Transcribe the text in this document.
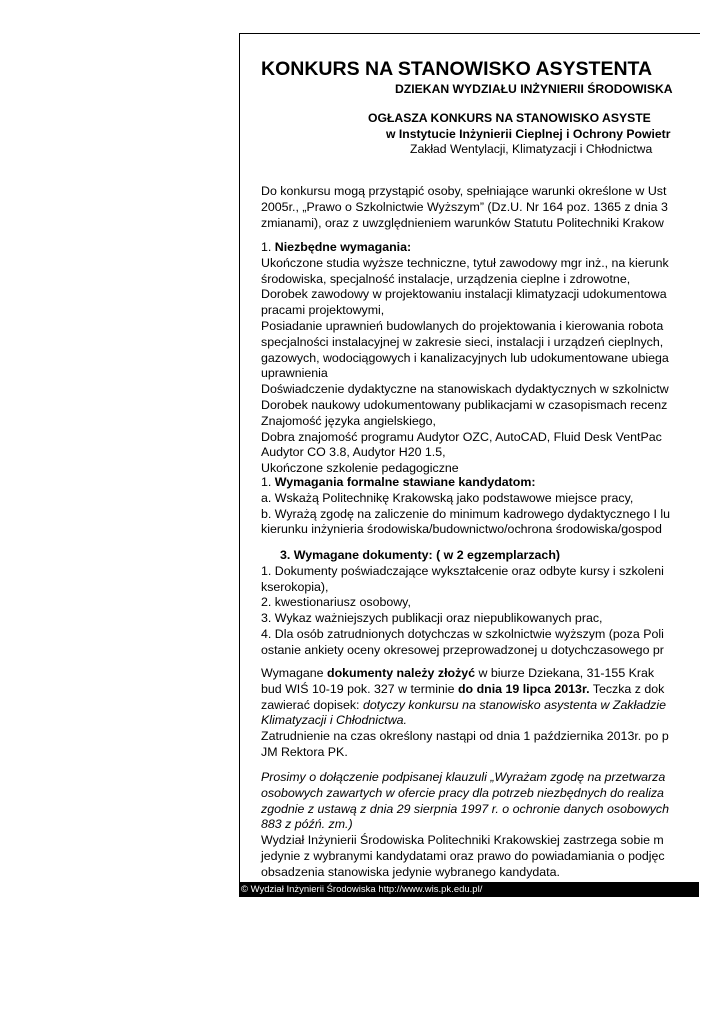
KONKURS NA STANOWISKO ASYSTENTA
DZIEKAN WYDZIAŁU INŻYNIERII ŚRODOWISKA
OGŁASZA KONKURS NA STANOWISKO ASYSTE
w Instytucie Inżynierii Cieplnej i Ochrony Powietr
Zakład Wentylacji, Klimatyzacji i Chłodnictwa
Do konkursu mogą przystąpić osoby, spełniające warunki określone w Ust
2005r., „Prawo o Szkolnictwie Wyższym” (Dz.U. Nr 164 poz. 1365 z dnia 3
zmianami), oraz z uwzględnieniem warunków Statutu Politechniki Krakow
1. Niezbędne wymagania:
Ukończone studia wyższe techniczne, tytuł zawodowy mgr inż., na kierunk
środowiska, specjalność instalacje, urządzenia cieplne i zdrowotne,
Dorobek zawodowy w projektowaniu instalacji klimatyzacji udokumentowa
pracami projektowymi,
Posiadanie uprawnień budowlanych do projektowania i kierowania robota
specjalności instalacyjnej w zakresie sieci, instalacji i urządzeń cieplnych,
gazowych, wodociągowych i kanalizacyjnych lub udokumentowane ubiega
uprawnienia
Doświadczenie dydaktyczne na stanowiskach dydaktycznych w szkolnictw
Dorobek naukowy udokumentowany publikacjami w czasopismach recenz
Znajomość języka angielskiego,
Dobra znajomość programu Audytor OZC, AutoCAD, Fluid Desk VentPac
Audytor CO 3.8, Audytor H20 1.5,
Ukończone szkolenie pedagogiczne
1. Wymagania formalne stawiane kandydatom:
a. Wskażą Politechnikę Krakowską jako podstawowe miejsce pracy,
b. Wyrażą zgodę na zaliczenie do minimum kadrowego dydaktycznego I lu
kierunku inżynieria środowiska/budownictwo/ochrona środowiska/gospod
3. Wymagane dokumenty: ( w 2 egzemplarzach)
1. Dokumenty poświadczające wykształcenie oraz odbyte kursy i szkoleni
kserokopia),
2. kwestionariusz osobowy,
3. Wykaz ważniejszych publikacji oraz niepublikowanych prac,
4. Dla osób zatrudnionych dotychczas w szkolnictwie wyższym (poza Poli
ostanie ankiety oceny okresowej przeprowadzonej u dotychczasowego pr
Wymagane dokumenty należy złożyć w biurze Dziekana, 31-155 Krak
bud WIŚ 10-19 pok. 327 w terminie do dnia 19 lipca 2013r. Teczka z dok
zawierać dopisek: dotyczy konkursu na stanowisko asystenta w Zakładzie
Klimatyzacji i Chłodnictwa.
Zatrudnienie na czas określony nastąpi od dnia 1 października 2013r. po p
JM Rektora PK.
Prosimy o dołączenie podpisanej klauzuli „Wyrażam zgodę na przetwarza
osobowych zawartych w ofercie pracy dla potrzeb niezbędnych do realiza
zgodnie z ustawą z dnia 29 sierpnia 1997 r. o ochronie danych osobowych
883 z późń. zm.)
Wydział Inżynierii Środowiska Politechniki Krakowskiej zastrzega sobie m
jedynie z wybranymi kandydatami oraz prawo do powiadamiania o podjęc
obsadzenia stanowiska jedynie wybranego kandydata.
© Wydział Inżynierii Środowiska http://www.wis.pk.edu.pl/
